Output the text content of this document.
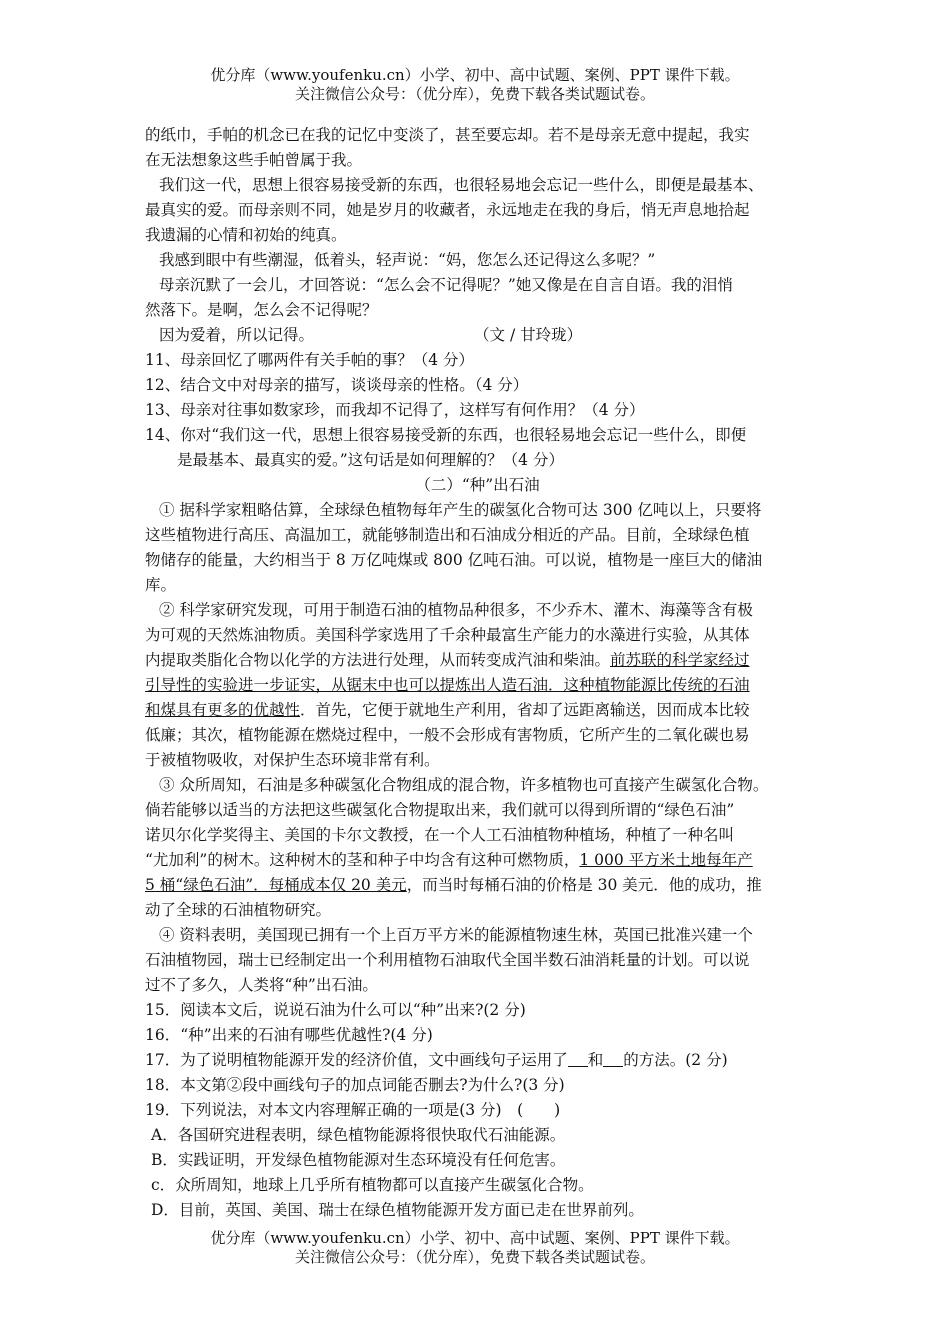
优分库（www.youfenku.cn）小学、初中、高中试题、案例、PPT 课件下载。
关注微信公众号：（优分库），免费下载各类试题试卷。
的纸巾，手帕的机念已在我的记忆中变淡了，甚至要忘却。若不是母亲无意中提起，我实
在无法想象这些手帕曾属于我。
我们这一代，思想上很容易接受新的东西，也很轻易地会忘记一些什么，即便是最基本、
最真实的爱。而母亲则不同，她是岁月的收藏者，永远地走在我的身后，悄无声息地拾起
我遗漏的心情和初始的纯真。
我感到眼中有些潮湿，低着头，轻声说：“妈，您怎么还记得这么多呢？”
母亲沉默了一会儿，才回答说：“怎么会不记得呢？”她又像是在自言自语。我的泪悄
然落下。是啊，怎么会不记得呢？
因为爱着，所以记得。	（文 / 甘玲珑）
11、母亲回忆了哪两件有关手帕的事？（4 分）
12、结合文中对母亲的描写，谈谈母亲的性格。（4 分）
13、母亲对往事如数家珍，而我却不记得了，这样写有何作用？（4 分）
14、你对“我们这一代，思想上很容易接受新的东西，也很轻易地会忘记一些什么，即便
是最基本、最真实的爱。”这句话是如何理解的？（4 分）
（二）“种”出石油
① 据科学家粗略估算，全球绿色植物每年产生的碳氢化合物可达 300 亿吨以上，只要将
这些植物进行高压、高温加工，就能够制造出和石油成分相近的产品。目前，全球绿色植
物储存的能量，大约相当于 8 万亿吨煤或 800 亿吨石油。可以说，植物是一座巨大的储油
库。
② 科学家研究发现，可用于制造石油的植物品种很多，不少乔木、灌木、海藻等含有极
为可观的天然炼油物质。美国科学家选用了千余种最富生产能力的水藻进行实验，从其体
内提取类脂化合物以化学的方法进行处理，从而转变成汽油和柴油。前苏联的科学家经过
引导性的实验进一步证实，从锯末中也可以提炼出人造石油．这种植物能源比传统的石油
和煤具有更多的优越性．首先，它便于就地生产利用，省却了远距离输送，因而成本比较
低廉；其次，植物能源在燃烧过程中，一般不会形成有害物质，它所产生的二氧化碳也易
于被植物吸收，对保护生态环境非常有利。
③ 众所周知，石油是多种碳氢化合物组成的混合物，许多植物也可直接产生碳氢化合物。
倘若能够以适当的方法把这些碳氢化合物提取出来，我们就可以得到所谓的“绿色石油”
诺贝尔化学奖得主、美国的卡尔文教授，在一个人工石油植物种植场，种植了一种名叫
“尤加利”的树木。这种树木的茎和种子中均含有这种可燃物质，1 000 平方米土地每年产
5 桶“绿色石油”．每桶成本仅 20 美元，而当时每桶石油的价格是 30 美元．他的成功，推
动了全球的石油植物研究。
④ 资料表明，美国现已拥有一个上百万平方米的能源植物速生林，英国已批准兴建一个
石油植物园，瑞士已经制定出一个利用植物石油取代全国半数石油消耗量的计划。可以说
过不了多久，人类将“种”出石油。
15．阅读本文后，说说石油为什么可以“种”出来?(2 分)
16．“种”出来的石油有哪些优越性?(4 分)
17．为了说明植物能源开发的经济价值，文中画线句子运用了 和 的方法。(2 分)
18．本文第②段中画线句子的加点词能否删去?为什么?(3 分)
19．下列说法，对本文内容理解正确的一项是(3 分)　(　　)
A．各国研究进程表明，绿色植物能源将很快取代石油能源。
B．实践证明，开发绿色植物能源对生态环境没有任何危害。
c．众所周知，地球上几乎所有植物都可以直接产生碳氢化合物。
D．目前，英国、美国、瑞士在绿色植物能源开发方面已走在世界前列。
优分库（www.youfenku.cn）小学、初中、高中试题、案例、PPT 课件下载。
关注微信公众号：（优分库），免费下载各类试题试卷。
